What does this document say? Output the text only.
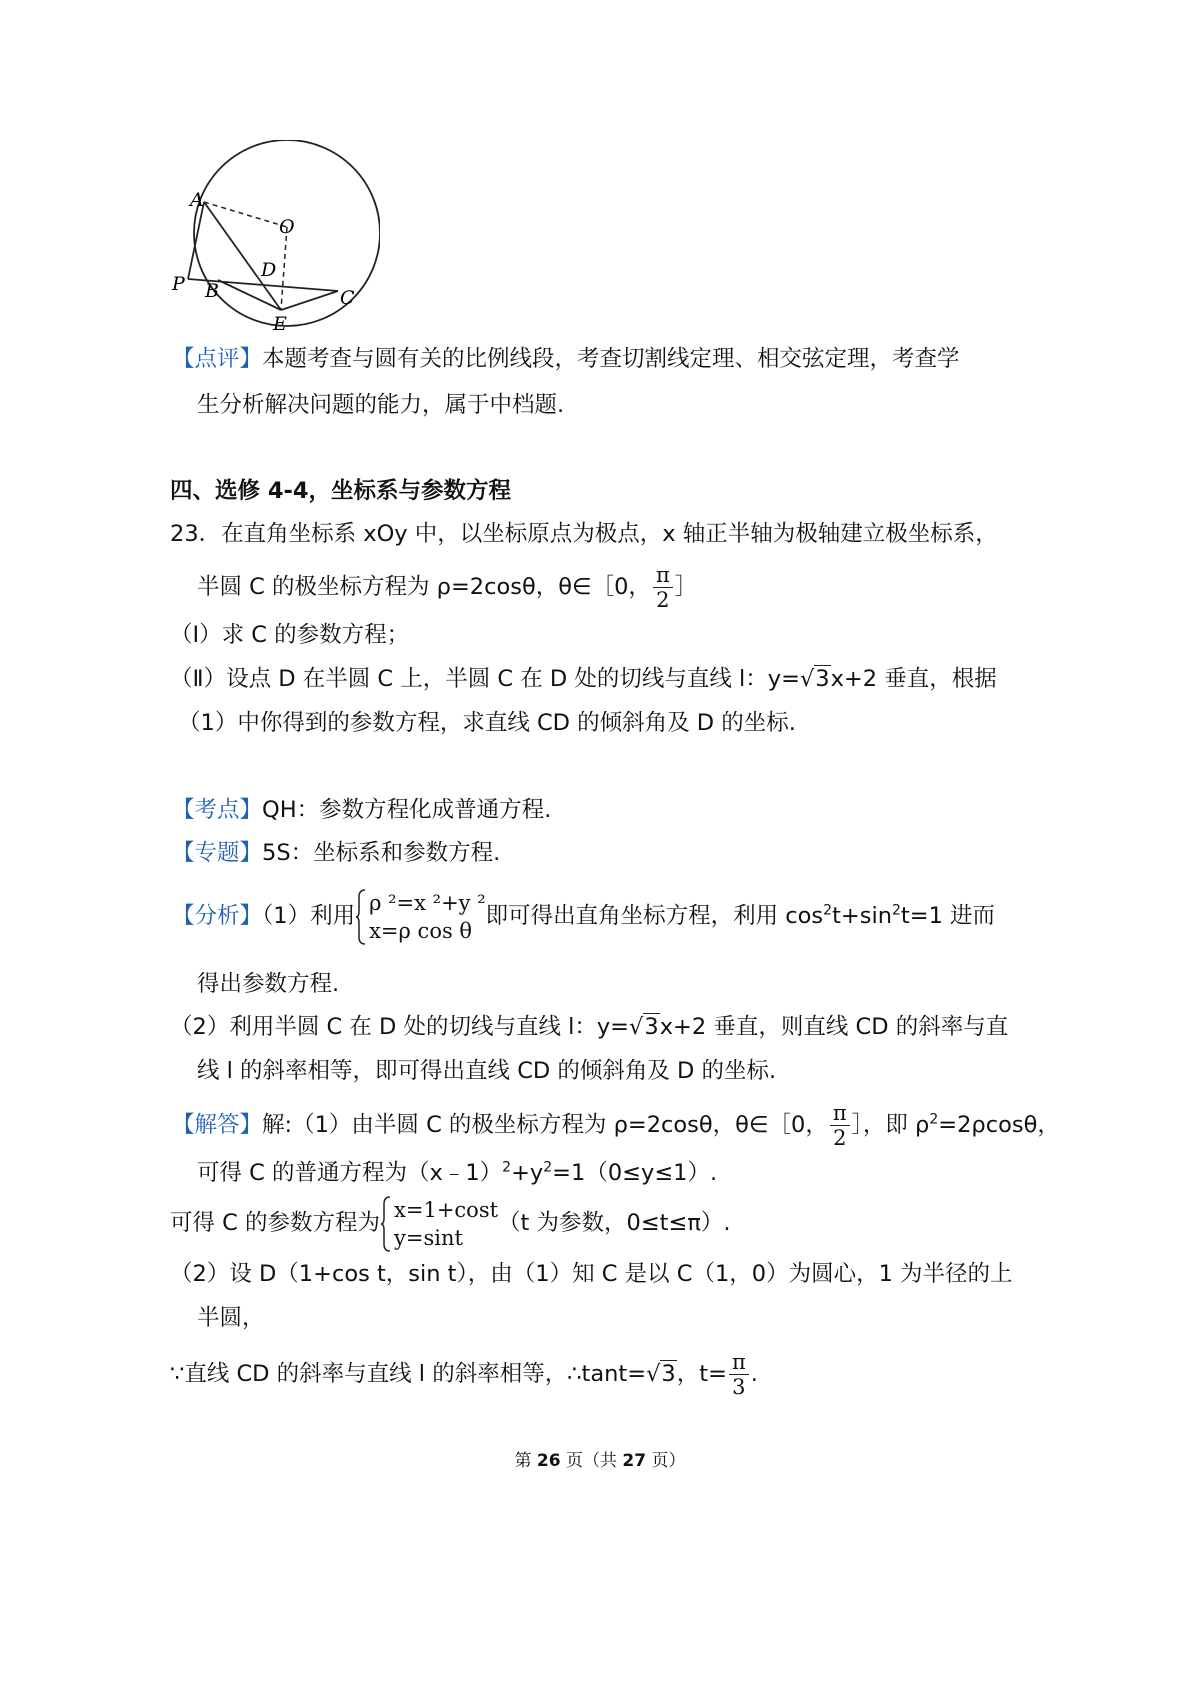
A
O
D
P B	C
E
【点评】本题考查与圆有关的比例线段，考查切割线定理、相交弦定理，考查学
生分析解决问题的能力，属于中档题.
四、选修 4-4，坐标系与参数方程
23．在直角坐标系 xOy 中，以坐标原点为极点，x 轴正半轴为极轴建立极坐标系，
半圆 C 的极坐标方程为 ρ=2cosθ，θ∈［0， $\frac{\pi}{2}$ ］
（Ⅰ）求 C 的参数方程；
（Ⅱ）设点 D 在半圆 C 上，半圆 C 在 D 处的切线与直线 l：y=√3x+2 垂直，根据
（1）中你得到的参数方程，求直线 CD 的倾斜角及 D 的坐标.
【考点】QH：参数方程化成普通方程.
【专题】5S：坐标系和参数方程.
【分析】（1）利用
ρ ²=x ²+y ²
x=ρ cos θ
即可得出直角坐标方程，利用 $\cos^2t+\sin^2t=1$ 进而
得出参数方程.
（2）利用半圆 C 在 D 处的切线与直线 l：y=√3x+2 垂直，则直线 CD 的斜率与直
线 l 的斜率相等，即可得出直线 CD 的倾斜角及 D 的坐标.
【解答】解:（1）由半圆 C 的极坐标方程为 ρ=2cosθ，θ∈［0， $\frac{\pi}{2}$ ］，即 $\rho^2=2\rho\cos\theta$，
可得 C 的普通方程为$(x﹣1)^2+y^2=1(0\le y\le 1)$.
可得 C 的参数方程为
x=1+cost
y=sint
（t 为参数，0≤t≤π）.
（2）设 D（1+cos t，sin t），由（1）知 C 是以 C（1，0）为圆心，1 为半径的上
半圆，
∵直线 CD 的斜率与直线 l 的斜率相等，∴tant=√3，$t= \frac{\pi}{3}$ .
第 26 页（共 27 页）
